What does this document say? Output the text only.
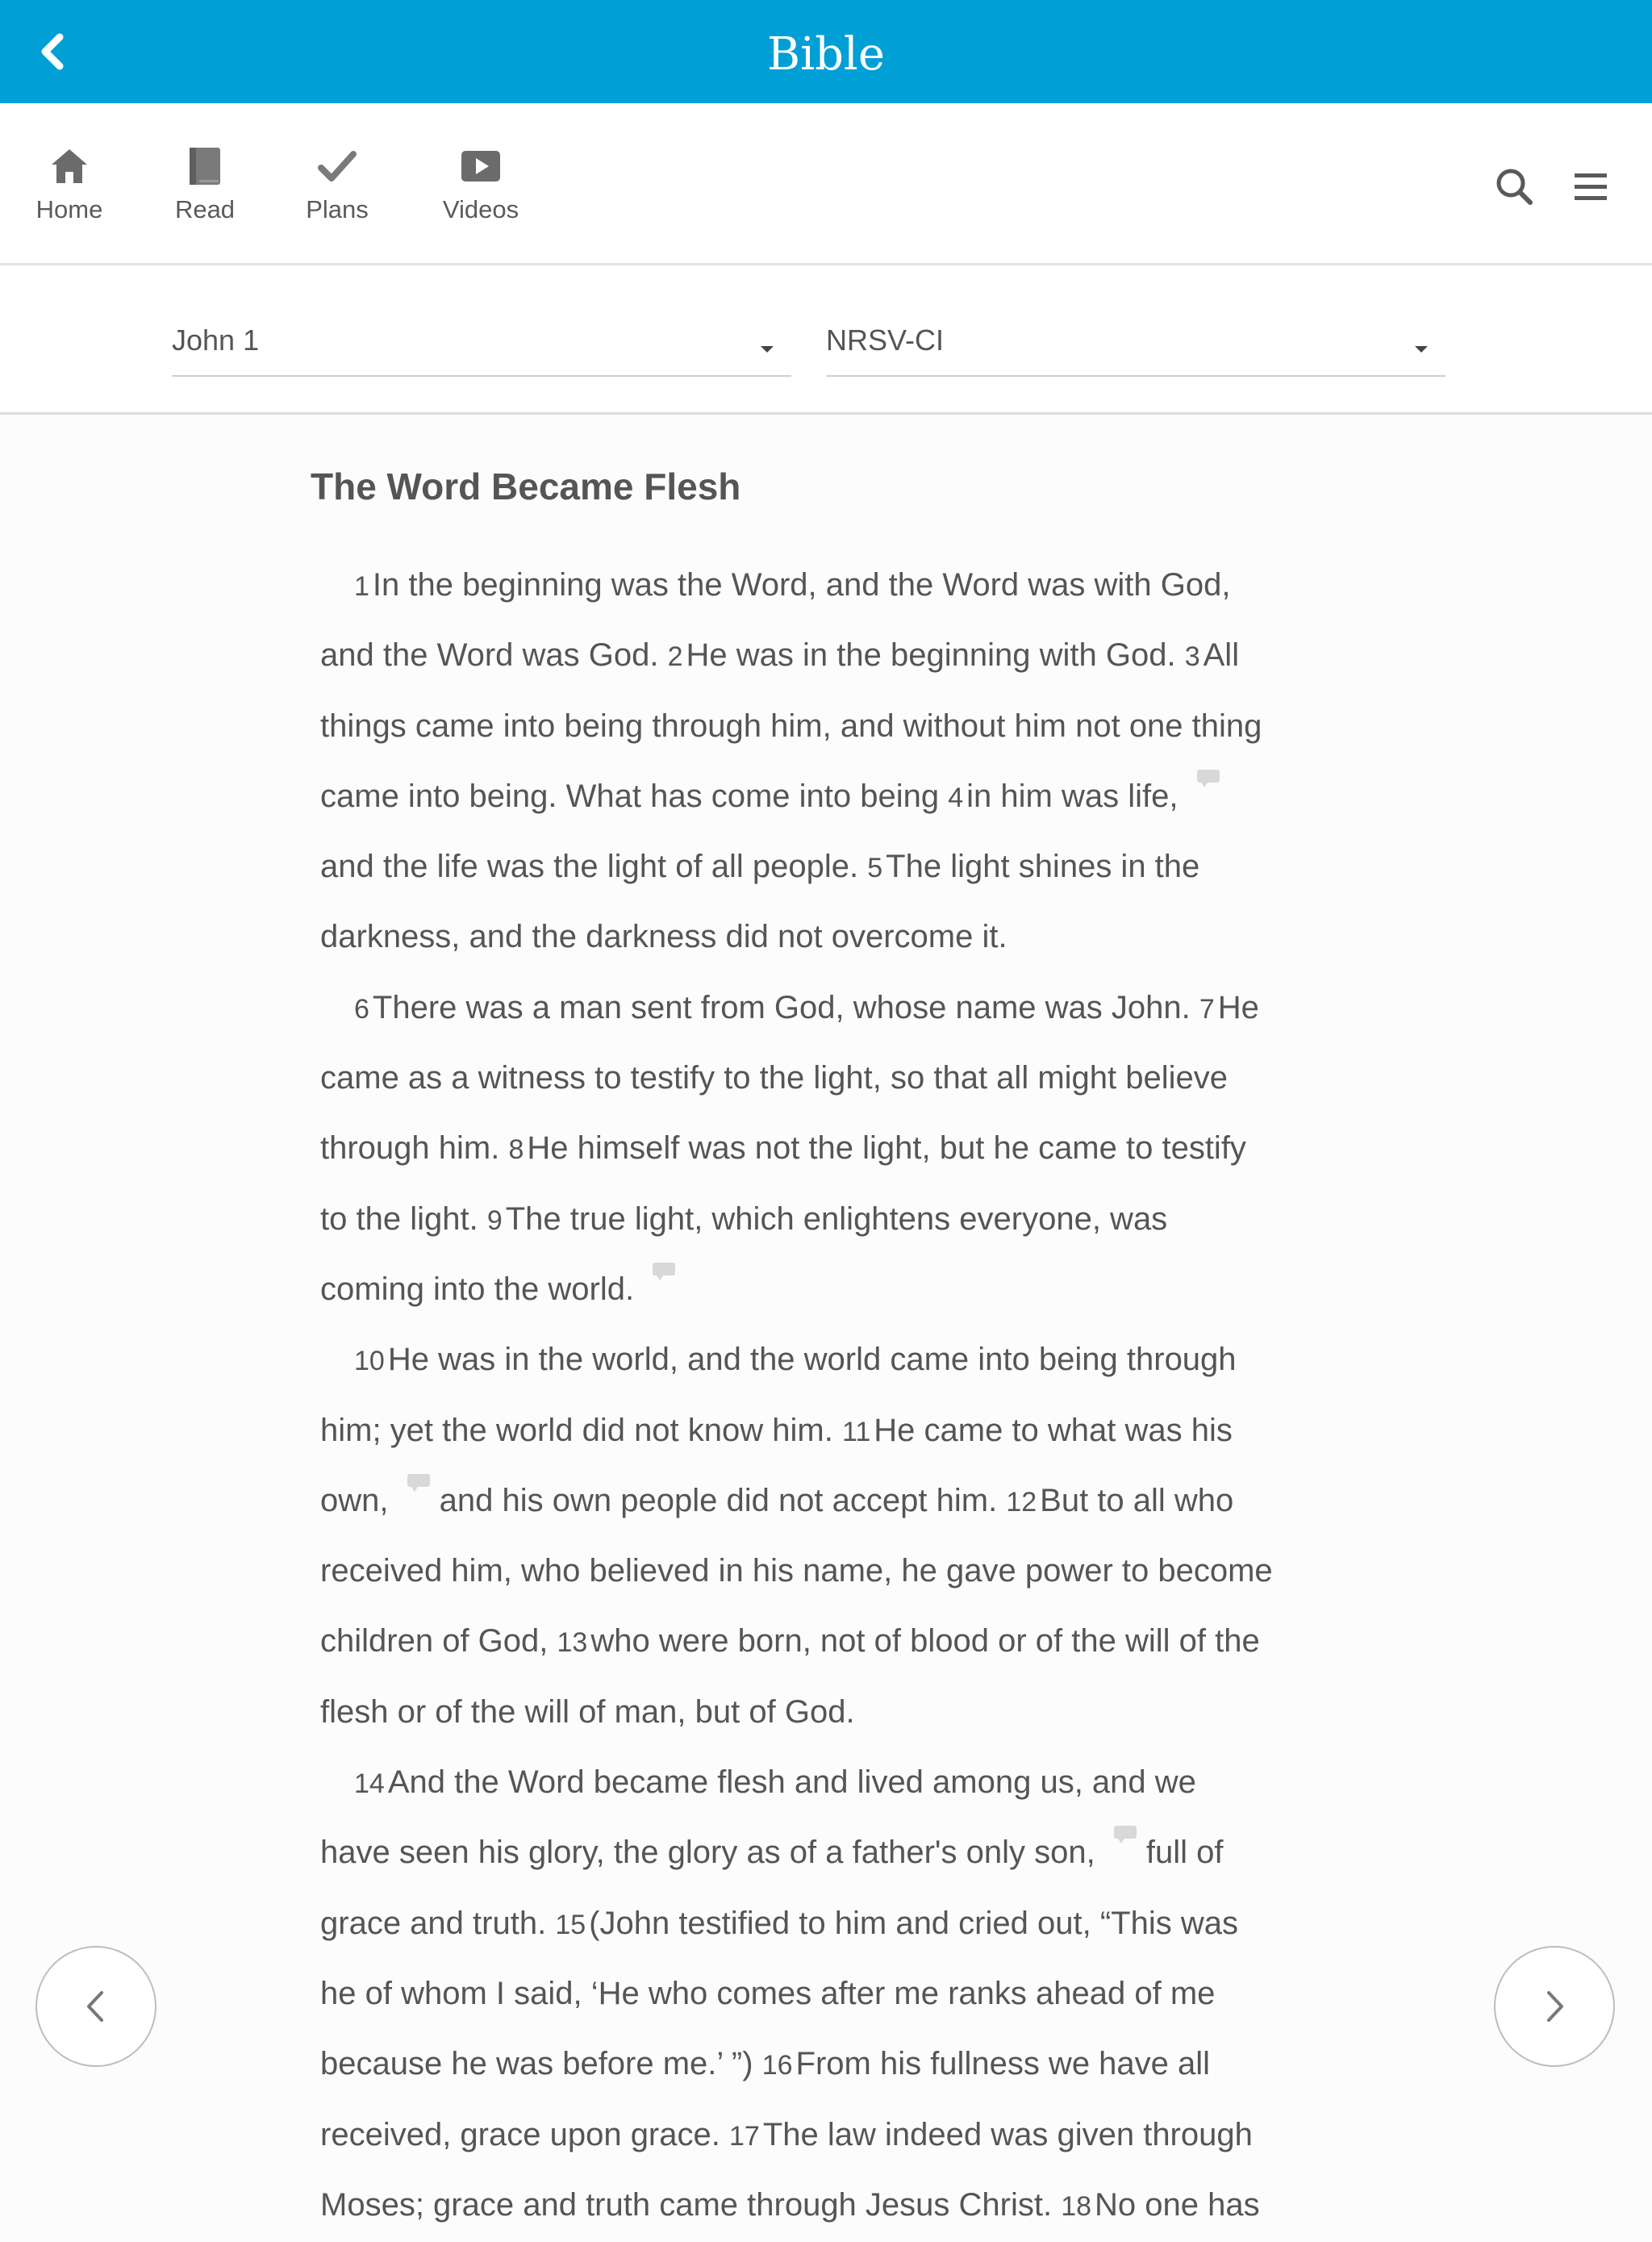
Bible
Home	Read	Plans	Videos
John 1	NRSV-CI
The Word Became Flesh
1 In the beginning was the Word, and the Word was with God,
and the Word was God. 2 He was in the beginning with God. 3 All
things came into being through him, and without him not one thing
came into being. What has come into being 4 in him was life,
and the life was the light of all people. 5 The light shines in the
darkness, and the darkness did not overcome it.
6 There was a man sent from God, whose name was John. 7 He
came as a witness to testify to the light, so that all might believe
through him. 8 He himself was not the light, but he came to testify
to the light. 9 The true light, which enlightens everyone, was
coming into the world.
10 He was in the world, and the world came into being through
him; yet the world did not know him. 11 He came to what was his
own, and his own people did not accept him. 12 But to all who
received him, who believed in his name, he gave power to become
children of God, 13 who were born, not of blood or of the will of the
flesh or of the will of man, but of God.
14 And the Word became flesh and lived among us, and we
have seen his glory, the glory as of a father's only son, full of
grace and truth. 15 (John testified to him and cried out, “This was
he of whom I said, ‘He who comes after me ranks ahead of me
because he was before me.’ ”) 16 From his fullness we have all
received, grace upon grace. 17 The law indeed was given through
Moses; grace and truth came through Jesus Christ. 18 No one has
